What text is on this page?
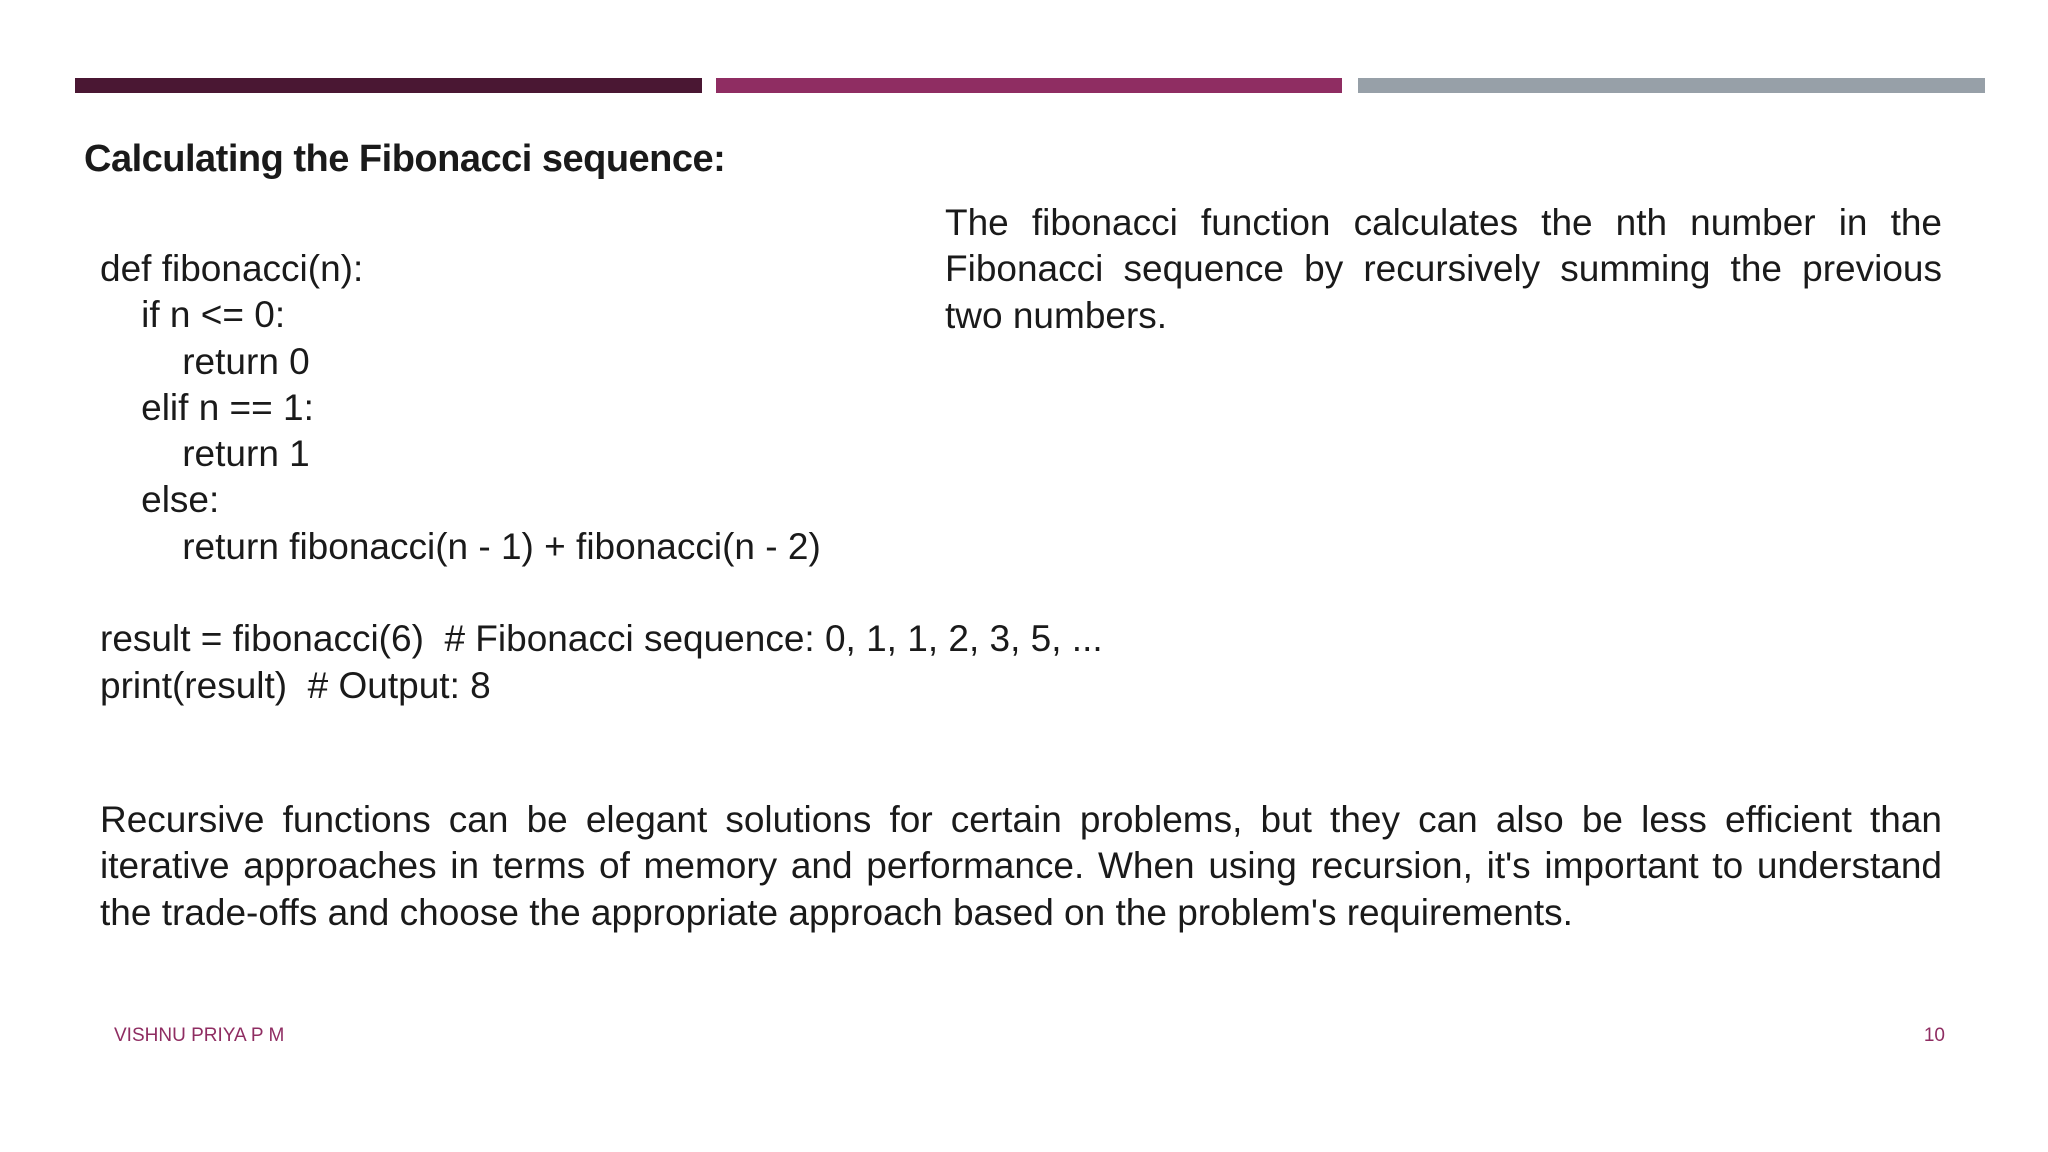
Calculating the Fibonacci sequence:
def fibonacci(n):
if n <= 0:
return 0
elif n == 1:
return 1
else:
return fibonacci(n - 1) + fibonacci(n - 2)
result = fibonacci(6)  # Fibonacci sequence: 0, 1, 1, 2, 3, 5, ...
print(result)  # Output: 8

The fibonacci function calculates the nth number in the Fibonacci sequence by recursively summing the previous two numbers.

Recursive functions can be elegant solutions for certain problems, but they can also be less efficient than iterative approaches in terms of memory and performance. When using recursion, it's important to understand the trade-offs and choose the appropriate approach based on the problem's requirements.

VISHNU PRIYA P M	10
